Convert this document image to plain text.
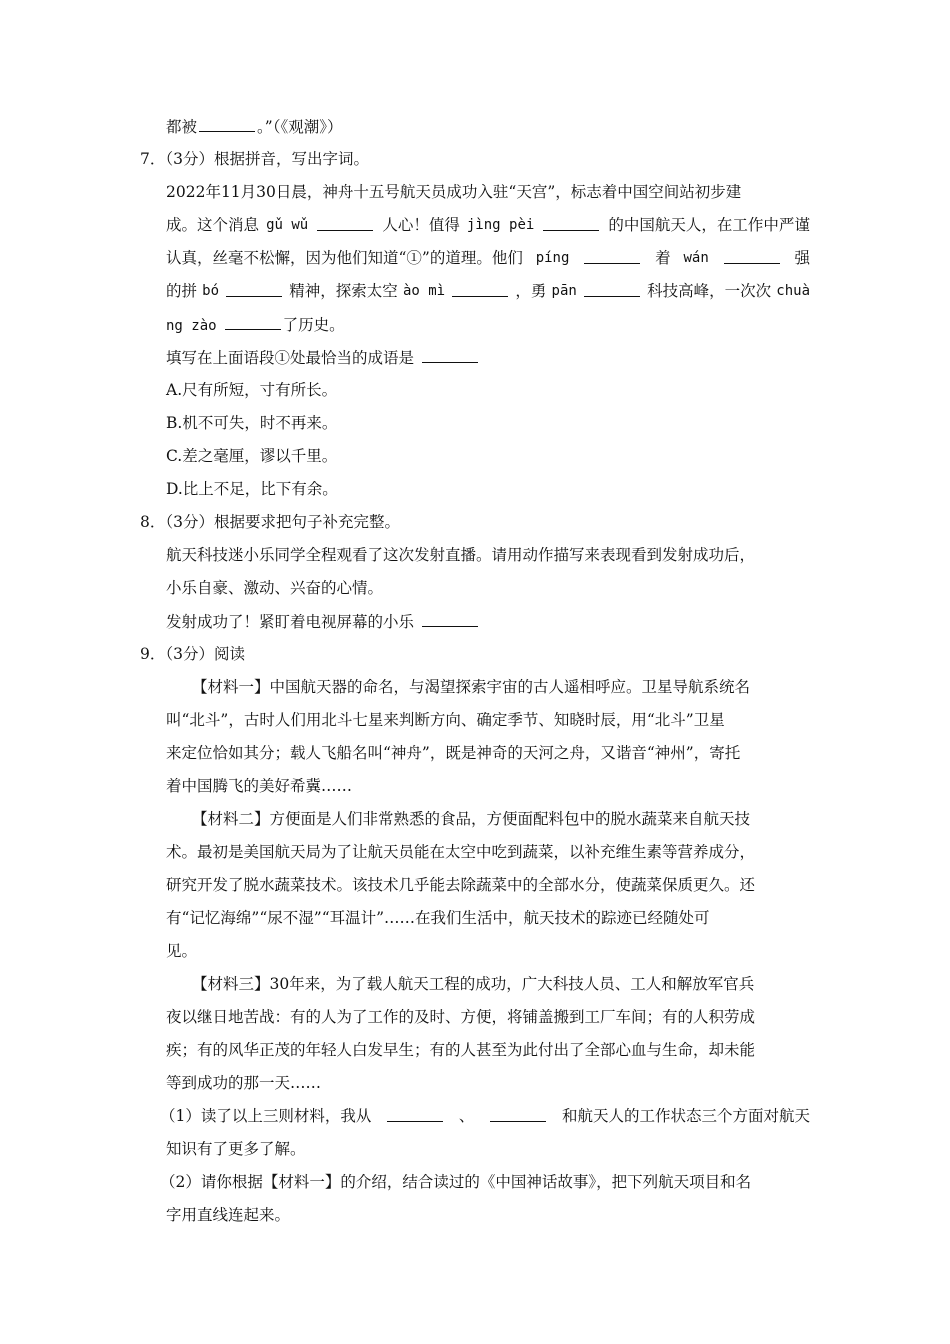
都被	。”（《观潮》）
7．（3分）根据拼音，写出字词。
2022年11月30日晨，神舟十五号航天员成功入驻“天宫”，标志着中国空间站初步建
成。这个消息 gǔ wǔ	人心！值得 jìng pèi	的中国航天人，在工作中严谨
认真，丝毫不松懈，因为他们知道“①”的道理。他们 píng	着 wán	强
的拼 bó	精神，探索太空 ào mì	，勇 pān	科技高峰，一次次 chuà
ng zào	了历史。
填写在上面语段①处最恰当的成语是
A.尺有所短，寸有所长。
B.机不可失，时不再来。
C.差之毫厘，谬以千里。
D.比上不足，比下有余。
8．（3分）根据要求把句子补充完整。
航天科技迷小乐同学全程观看了这次发射直播。请用动作描写来表现看到发射成功后，
小乐自豪、激动、兴奋的心情。
发射成功了！紧盯着电视屏幕的小乐
9．（3分）阅读
【材料一】中国航天器的命名，与渴望探索宇宙的古人遥相呼应。卫星导航系统名
叫“北斗”，古时人们用北斗七星来判断方向、确定季节、知晓时辰，用“北斗”卫星
来定位恰如其分；载人飞船名叫“神舟”，既是神奇的天河之舟，又谐音“神州”，寄托
着中国腾飞的美好希冀……
【材料二】方便面是人们非常熟悉的食品，方便面配料包中的脱水蔬菜来自航天技
术。最初是美国航天局为了让航天员能在太空中吃到蔬菜，以补充维生素等营养成分，
研究开发了脱水蔬菜技术。该技术几乎能去除蔬菜中的全部水分，使蔬菜保质更久。还
有“记忆海绵”“尿不湿”“耳温计”……在我们生活中，航天技术的踪迹已经随处可
见。
【材料三】30年来，为了载人航天工程的成功，广大科技人员、工人和解放军官兵
夜以继日地苦战：有的人为了工作的及时、方便，将铺盖搬到工厂车间；有的人积劳成
疾；有的风华正茂的年轻人白发早生；有的人甚至为此付出了全部心血与生命，却未能
等到成功的那一天……
（1）读了以上三则材料，我从	、	和航天人的工作状态三个方面对航天
知识有了更多了解。
（2）请你根据【材料一】的介绍，结合读过的《中国神话故事》，把下列航天项目和名
字用直线连起来。
